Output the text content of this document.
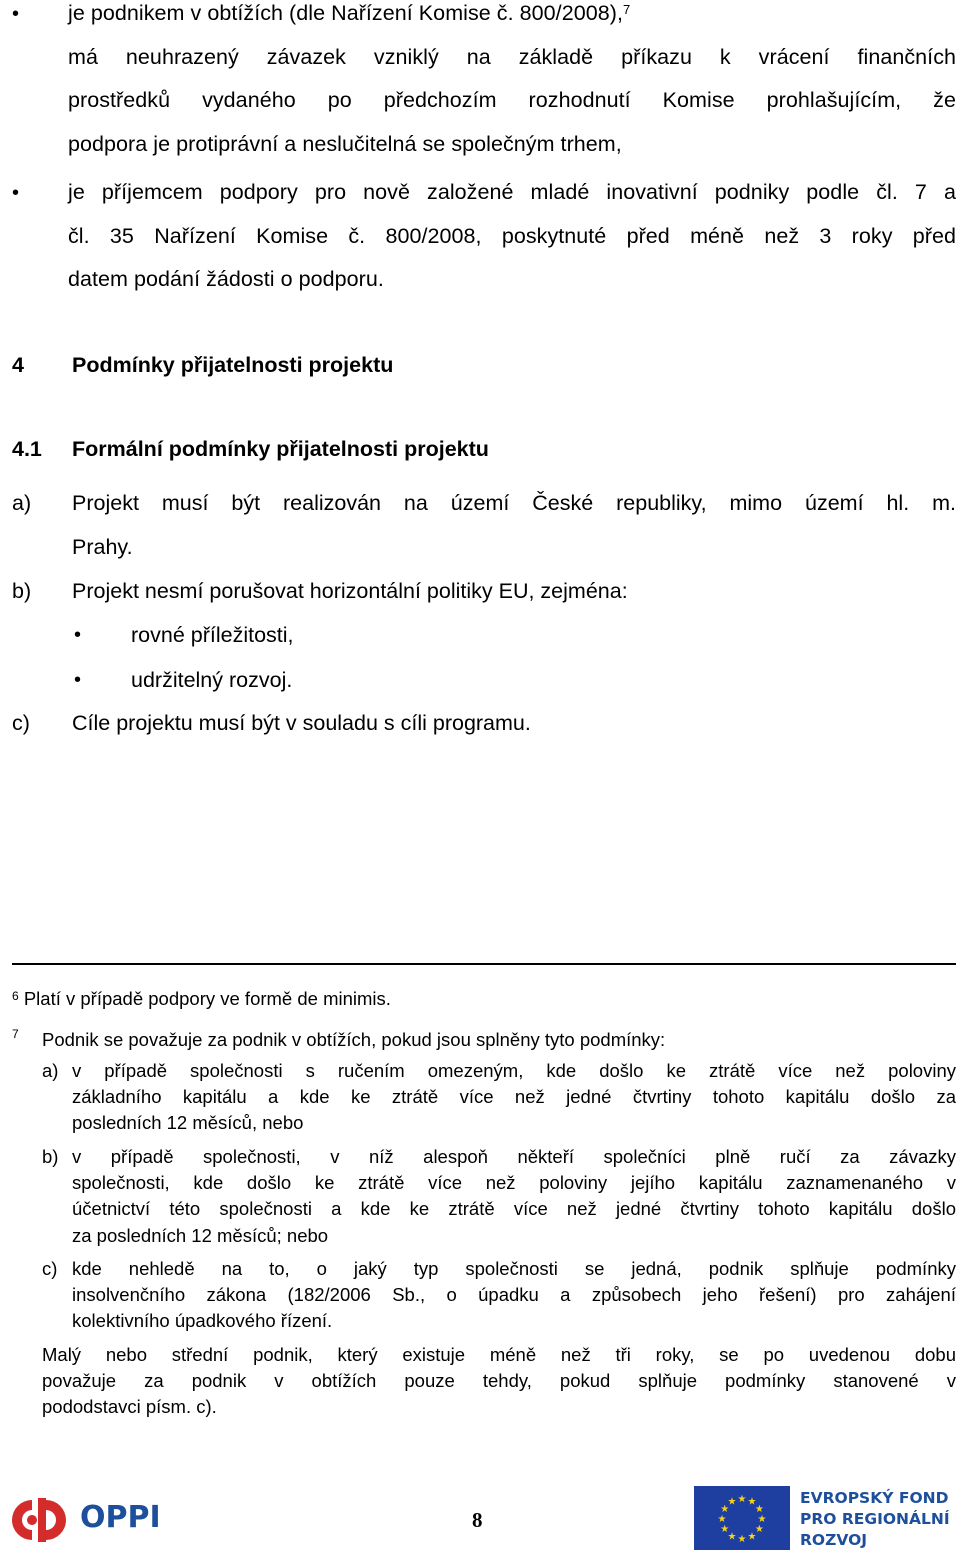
•	je podnikem v obtížích (dle Nařízení Komise č. 800/2008),$^7$
má neuhrazený závazek vzniklý na základě příkazu k vrácení finančních
prostředků vydaného po předchozím rozhodnutí Komise prohlašujícím, že
podpora je protiprávní a neslučitelná se společným trhem,
•	je příjemcem podpory pro nově založené mladé inovativní podniky podle čl. 7 a
čl. 35 Nařízení Komise č. 800/2008, poskytnuté před méně než 3 roky před
datem podání žádosti o podporu.
4 Podmínky přijatelnosti projektu
4.1 Formální podmínky přijatelnosti projektu
a) Projekt musí být realizován na území České republiky, mimo území hl. m.
Prahy.
b) Projekt nesmí porušovat horizontální politiky EU, zejména:
• rovné příležitosti,
• udržitelný rozvoj.
c) Cíle projektu musí být v souladu s cíli programu.
$^6$ Platí v případě podpory ve formě de minimis.
$^7$ Podnik se považuje za podnik v obtížích, pokud jsou splněny tyto podmínky:
a) v případě společnosti s ručením omezeným, kde došlo ke ztrátě více než poloviny
základního kapitálu a kde ke ztrátě více než jedné čtvrtiny tohoto kapitálu došlo za
posledních 12 měsíců, nebo
b) v případě společnosti, v níž alespoň někteří společníci plně ručí za závazky
společnosti, kde došlo ke ztrátě více než poloviny jejího kapitálu zaznamenaného v
účetnictví této společnosti a kde ke ztrátě více než jedné čtvrtiny tohoto kapitálu došlo
za posledních 12 měsíců; nebo
c) kde nehledě na to, o jaký typ společnosti se jedná, podnik splňuje podmínky
insolvenčního zákona (182/2006 Sb., o úpadku a způsobech jeho řešení) pro zahájení
kolektivního úpadkového řízení.
Malý nebo střední podnik, který existuje méně než tři roky, se po uvedenou dobu
považuje za podnik v obtížích pouze tehdy, pokud splňuje podmínky stanovené v
pododstavci písm. c).
OPPI	8
★ ★
★
★
★
★
★
★
★
★
★
★	EVROPSKÝ FOND
PRO REGIONÁLNÍ
ROZVOJ
